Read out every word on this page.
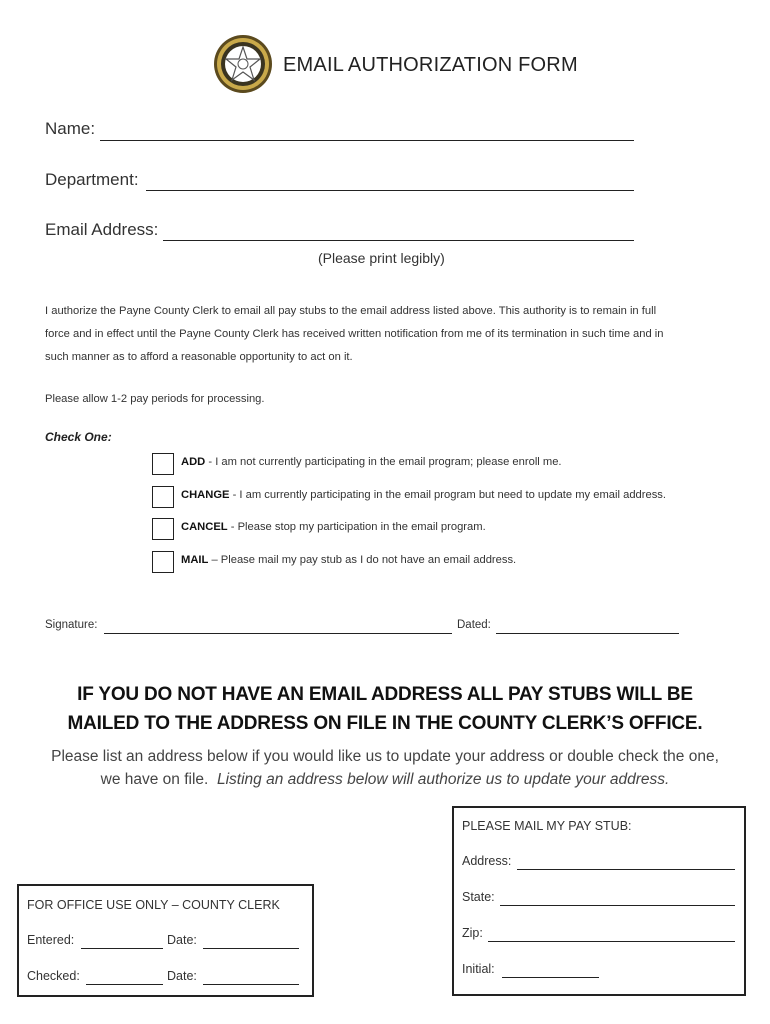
EMAIL AUTHORIZATION FORM
Name:
Department:
Email Address:
(Please print legibly)
I authorize the Payne County Clerk to email all pay stubs to the email address listed above. This authority is to remain in full
force and in effect until the Payne County Clerk has received written notification from me of its termination in such time and in
such manner as to afford a reasonable opportunity to act on it.
Please allow 1-2 pay periods for processing.
Check One:
ADD - I am not currently participating in the email program; please enroll me.
CHANGE - I am currently participating in the email program but need to update my email address.
CANCEL - Please stop my participation in the email program.
MAIL – Please mail my pay stub as I do not have an email address.
Signature:	Dated:
IF YOU DO NOT HAVE AN EMAIL ADDRESS ALL PAY STUBS WILL BE
MAILED TO THE ADDRESS ON FILE IN THE COUNTY CLERK’S OFFICE.
Please list an address below if you would like us to update your address or double check the one,
we have on file. Listing an address below will authorize us to update your address.
PLEASE MAIL MY PAY STUB:
Address:
State:
Zip:
Initial:
FOR OFFICE USE ONLY – COUNTY CLERK
Entered:	Date:
Checked:	Date:
